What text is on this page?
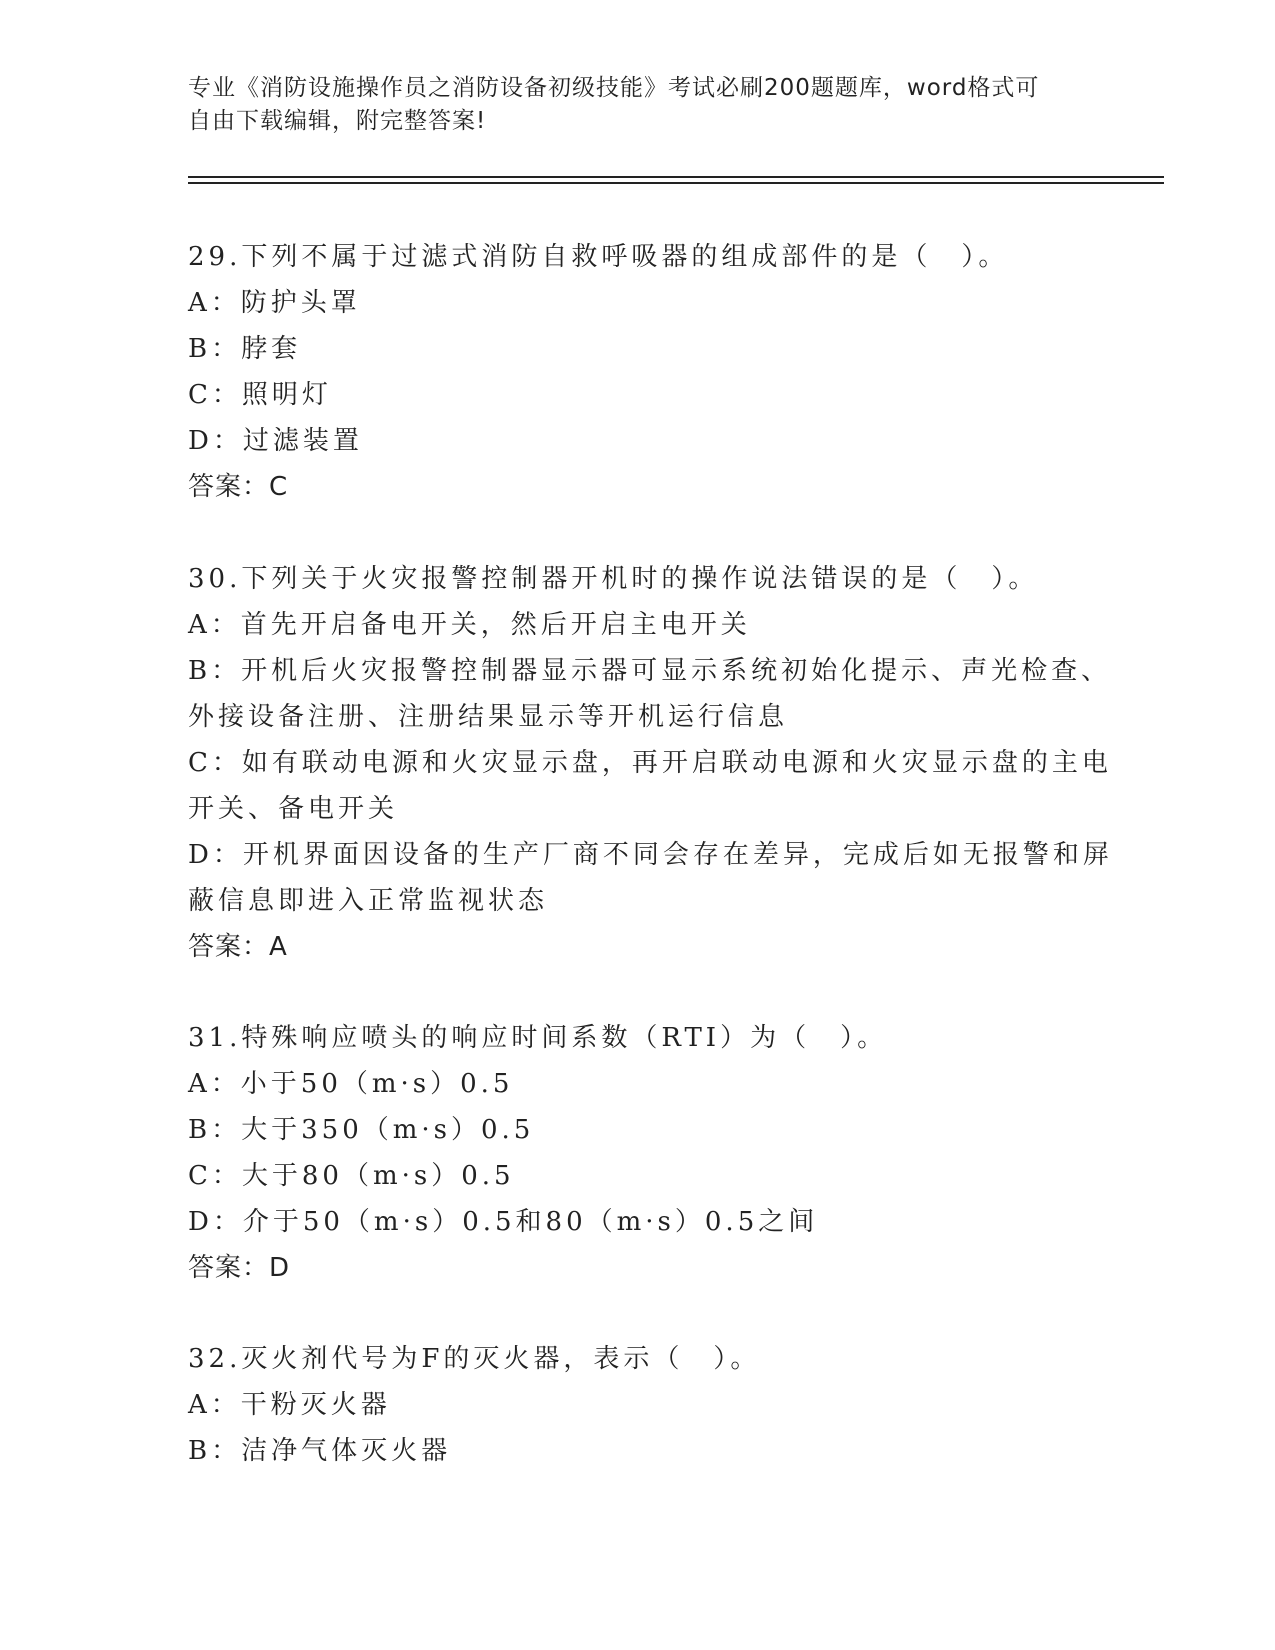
专业《消防设施操作员之消防设备初级技能》考试必刷200题题库，word格式可
自由下载编辑，附完整答案!
29.下列不属于过滤式消防自救呼吸器的组成部件的是（　）。
A：防护头罩
B：脖套
C：照明灯
D：过滤装置
答案：C
30.下列关于火灾报警控制器开机时的操作说法错误的是（　）。
A：首先开启备电开关，然后开启主电开关
B：开机后火灾报警控制器显示器可显示系统初始化提示、声光检查、
外接设备注册、注册结果显示等开机运行信息
C：如有联动电源和火灾显示盘，再开启联动电源和火灾显示盘的主电
开关、备电开关
D：开机界面因设备的生产厂商不同会存在差异，完成后如无报警和屏
蔽信息即进入正常监视状态
答案：A
31.特殊响应喷头的响应时间系数（RTI）为（　）。
A：小于50（m·s）0.5
B：大于350（m·s）0.5
C：大于80（m·s）0.5
D：介于50（m·s）0.5和80（m·s）0.5之间
答案：D
32.灭火剂代号为F的灭火器，表示（　）。
A：干粉灭火器
B：洁净气体灭火器
